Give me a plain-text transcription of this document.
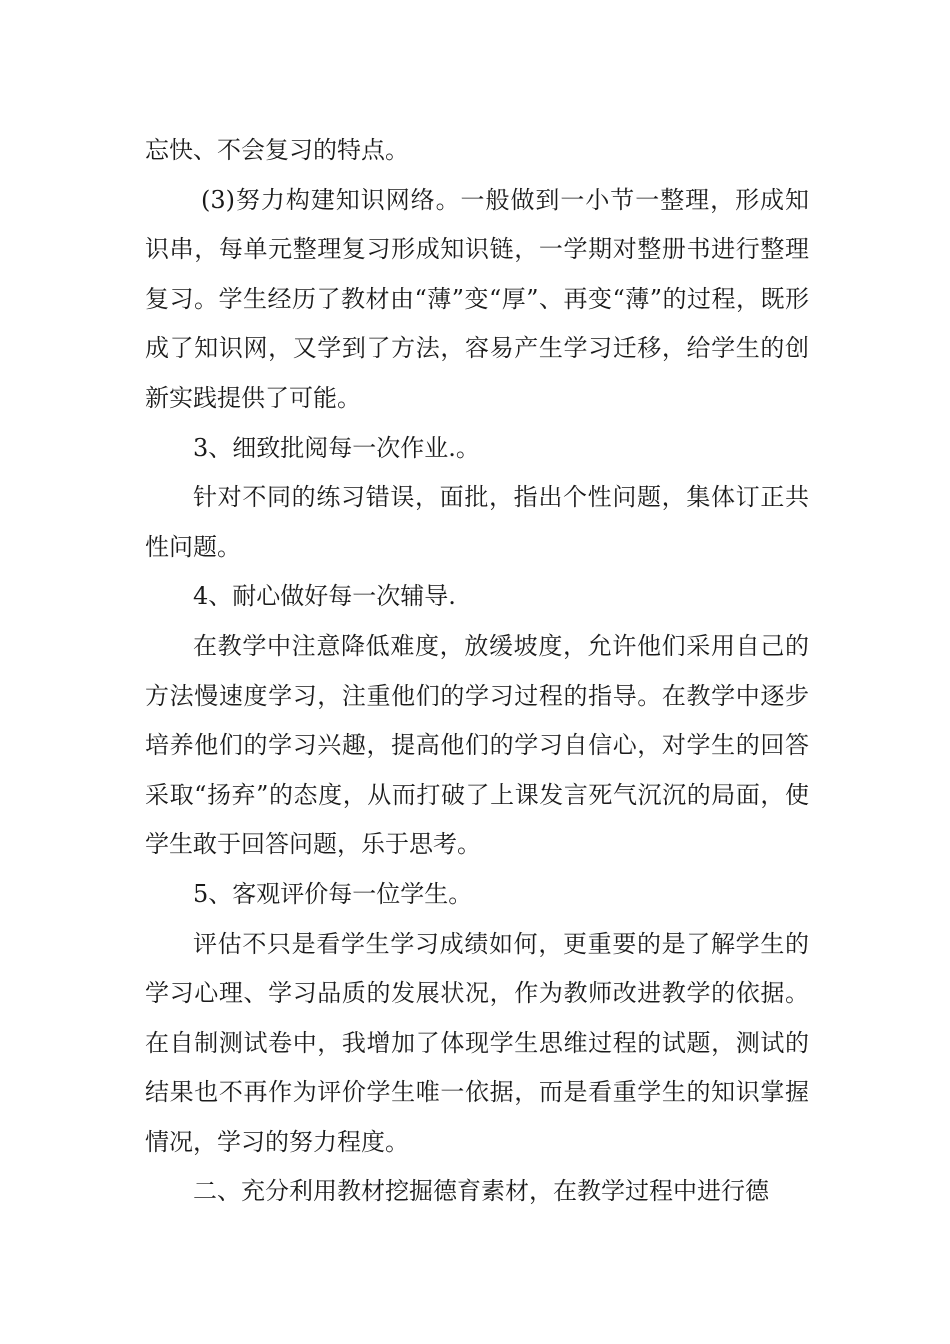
忘快、不会复习的特点。

(3)努力构建知识网络。一般做到一小节一整理，形成知识串，每单元整理复习形成知识链，一学期对整册书进行整理复习。学生经历了教材由“薄”变“厚”、再变“薄”的过程，既形成了知识网，又学到了方法，容易产生学习迁移，给学生的创新实践提供了可能。

3、细致批阅每一次作业.。

针对不同的练习错误，面批，指出个性问题，集体订正共性问题。

4、耐心做好每一次辅导.

在教学中注意降低难度，放缓坡度，允许他们采用自己的方法慢速度学习，注重他们的学习过程的指导。在教学中逐步培养他们的学习兴趣，提高他们的学习自信心，对学生的回答采取“扬弃”的态度，从而打破了上课发言死气沉沉的局面，使学生敢于回答问题，乐于思考。

5、客观评价每一位学生。

评估不只是看学生学习成绩如何，更重要的是了解学生的学习心理、学习品质的发展状况，作为教师改进教学的依据。在自制测试卷中，我增加了体现学生思维过程的试题，测试的结果也不再作为评价学生唯一依据，而是看重学生的知识掌握情况，学习的努力程度。

二、充分利用教材挖掘德育素材，在教学过程中进行德
